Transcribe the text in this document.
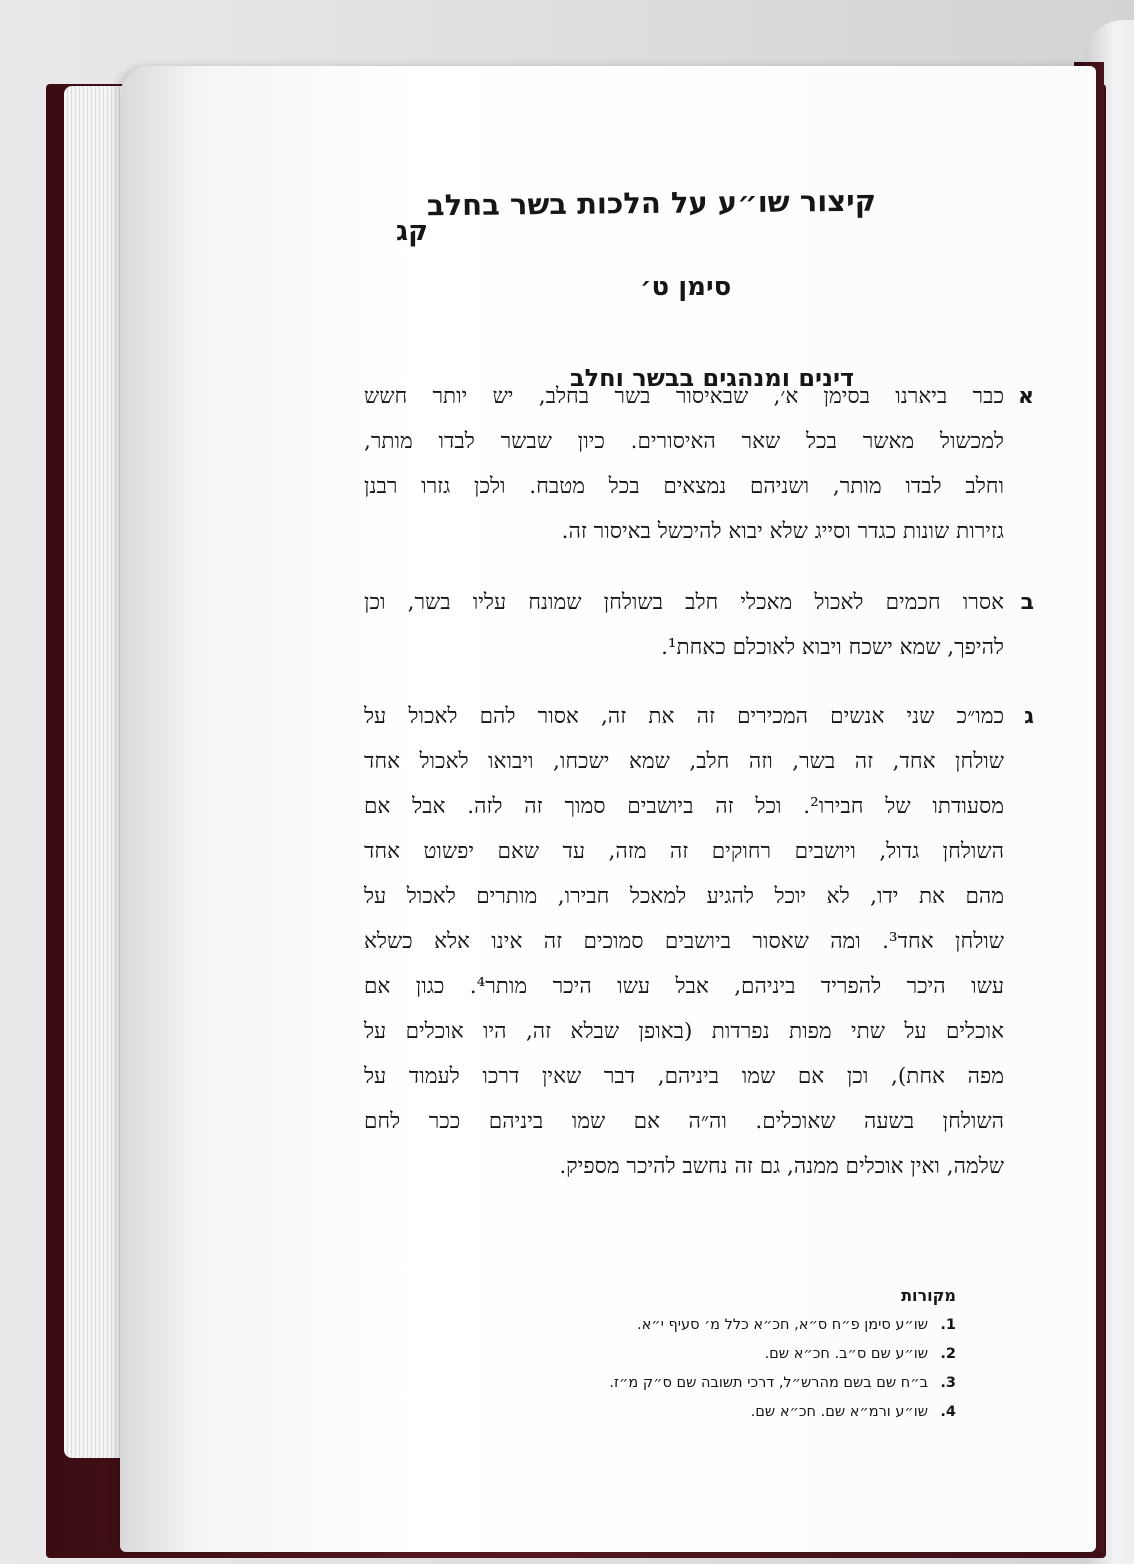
קיצור שו״ע על הלכות בשר בחלב
קג
סימן ט׳
דינים ומנהגים בבשר וחלב
א
כבר ביארנו בסימן א׳, שבאיסור בשר בחלב, יש יותר חשש
למכשול מאשר בכל שאר האיסורים. כיון שבשר לבדו מותר,
וחלב לבדו מותר, ושניהם נמצאים בכל מטבח. ולכן גזרו רבנן
גזירות שונות כגדר וסייג שלא יבוא להיכשל באיסור זה.
ב
אסרו חכמים לאכול מאכלי חלב בשולחן שמונח עליו בשר, וכן
להיפך, שמא ישכח ויבוא לאוכלם כאחת¹.
ג
כמו״כ שני אנשים המכירים זה את זה, אסור להם לאכול על
שולחן אחד, זה בשר, וזה חלב, שמא ישכחו, ויבואו לאכול אחד
מסעודתו של חבירו². וכל זה ביושבים סמוך זה לזה. אבל אם
השולחן גדול, ויושבים רחוקים זה מזה, עד שאם יפשוט אחד
מהם את ידו, לא יוכל להגיע למאכל חבירו, מותרים לאכול על
שולחן אחד³. ומה שאסור ביושבים סמוכים זה אינו אלא כשלא
עשו היכר להפריד ביניהם, אבל עשו היכר מותר⁴. כגון אם
אוכלים על שתי מפות נפרדות (באופן שבלא זה, היו אוכלים על
מפה אחת), וכן אם שמו ביניהם, דבר שאין דרכו לעמוד על
השולחן בשעה שאוכלים. וה״ה אם שמו ביניהם ככר לחם
שלמה, ואין אוכלים ממנה, גם זה נחשב להיכר מספיק.
מקורות
1.
שו״ע סימן פ״ח ס״א, חכ״א כלל מ׳ סעיף י״א.
2.
שו״ע שם ס״ב. חכ״א שם.
3.
ב״ח שם בשם מהרש״ל, דרכי תשובה שם ס״ק מ״ז.
4.
שו״ע ורמ״א שם. חכ״א שם.
